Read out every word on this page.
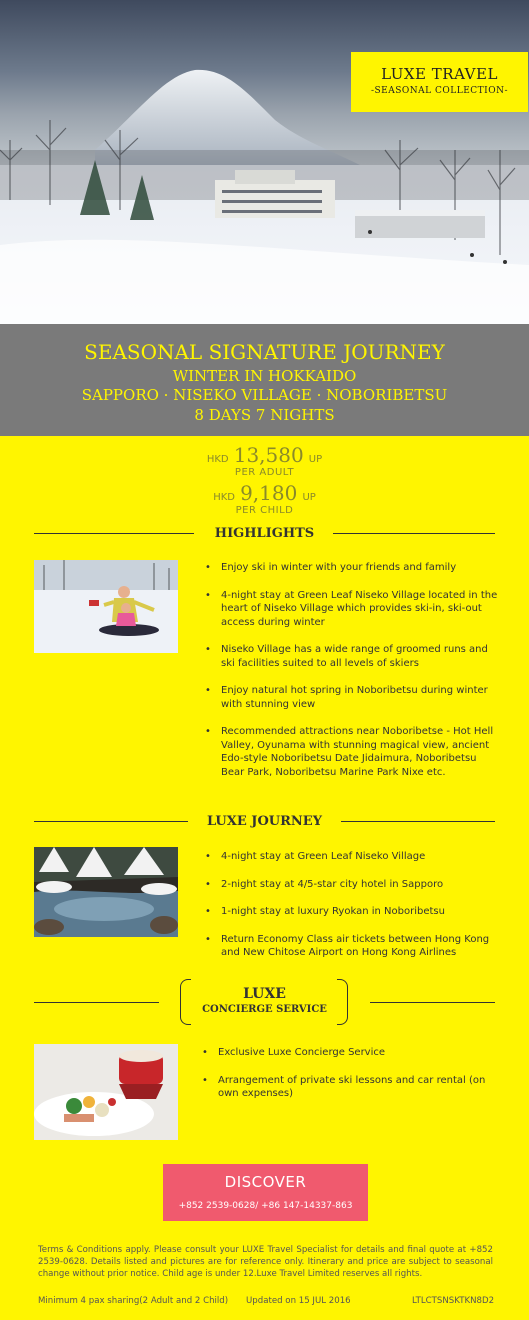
LUXE TRAVEL
-SEASONAL COLLECTION-
SEASONAL SIGNATURE JOURNEY
WINTER IN HOKKAIDO
SAPPORO · NISEKO VILLAGE · NOBORIBETSU
8 DAYS 7 NIGHTS
HKD 13,580 UP
PER ADULT
HKD 9,180 UP
PER CHILD
HIGHLIGHTS
• Enjoy ski in winter with your friends and family
• 4-night stay at Green Leaf Niseko Village located in the heart of Niseko Village which provides ski-in, ski-out access during winter
• Niseko Village has a wide range of groomed runs and ski facilities suited to all levels of skiers
• Enjoy natural hot spring in Noboribetsu during winter with stunning view
• Recommended attractions near Noboribetse - Hot Hell Valley, Oyunama with stunning magical view, ancient Edo-style Noboribetsu Date Jidaimura, Noboribetsu Bear Park, Noboribetsu Marine Park Nixe etc.
LUXE JOURNEY
• 4-night stay at Green Leaf Niseko Village
• 2-night stay at 4/5-star city hotel in Sapporo
• 1-night stay at luxury Ryokan in Noboribetsu
• Return Economy Class air tickets between Hong Kong and New Chitose Airport on Hong Kong Airlines
LUXE
CONCIERGE SERVICE
• Exclusive Luxe Concierge Service
• Arrangement of private ski lessons and car rental (on own expenses)
DISCOVER
+852 2539-0628/ +86 147-14337-863
Terms & Conditions apply. Please consult your LUXE Travel Specialist for details and final quote at +852 2539-0628. Details listed and pictures are for reference only. Itinerary and price are subject to seasonal change without prior notice. Child age is under 12.Luxe Travel Limited reserves all rights.
Minimum 4 pax sharing(2 Adult and 2 Child) Updated on 15 JUL 2016	LTLCTSNSKTKN8D2
